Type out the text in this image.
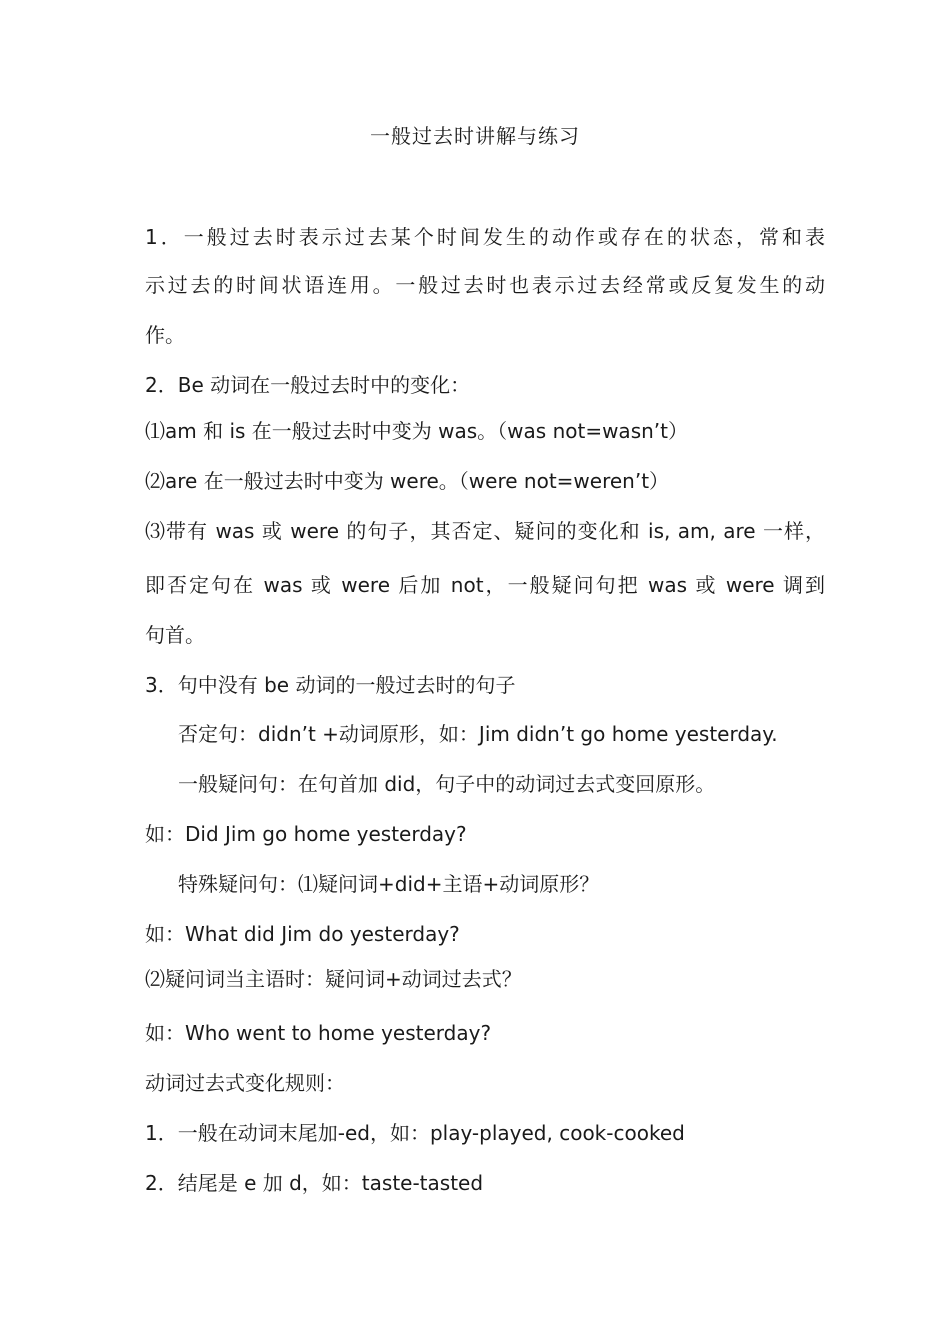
一般过去时讲解与练习
1．一般过去时表示过去某个时间发生的动作或存在的状态，常和表
示过去的时间状语连用。一般过去时也表示过去经常或反复发生的动
作。
2．Be 动词在一般过去时中的变化：
⑴am 和 is 在一般过去时中变为 was。（was not=wasn’t）
⑵are 在一般过去时中变为 were。（were not=weren’t）
⑶带有 was 或 were 的句子，其否定、疑问的变化和 is, am, are 一样，
即否定句在 was 或 were 后加 not，一般疑问句把 was 或 were 调到
句首。
3．句中没有 be 动词的一般过去时的句子
否定句：didn’t +动词原形，如：Jim didn’t go home yesterday.
一般疑问句：在句首加 did，句子中的动词过去式变回原形。
如：Did Jim go home yesterday?
特殊疑问句：⑴疑问词+did+主语+动词原形？
如：What did Jim do yesterday?
⑵疑问词当主语时：疑问词+动词过去式？
如：Who went to home yesterday?
动词过去式变化规则：
1．一般在动词末尾加-ed，如：play-played, cook-cooked
2．结尾是 e 加 d，如：taste-tasted
